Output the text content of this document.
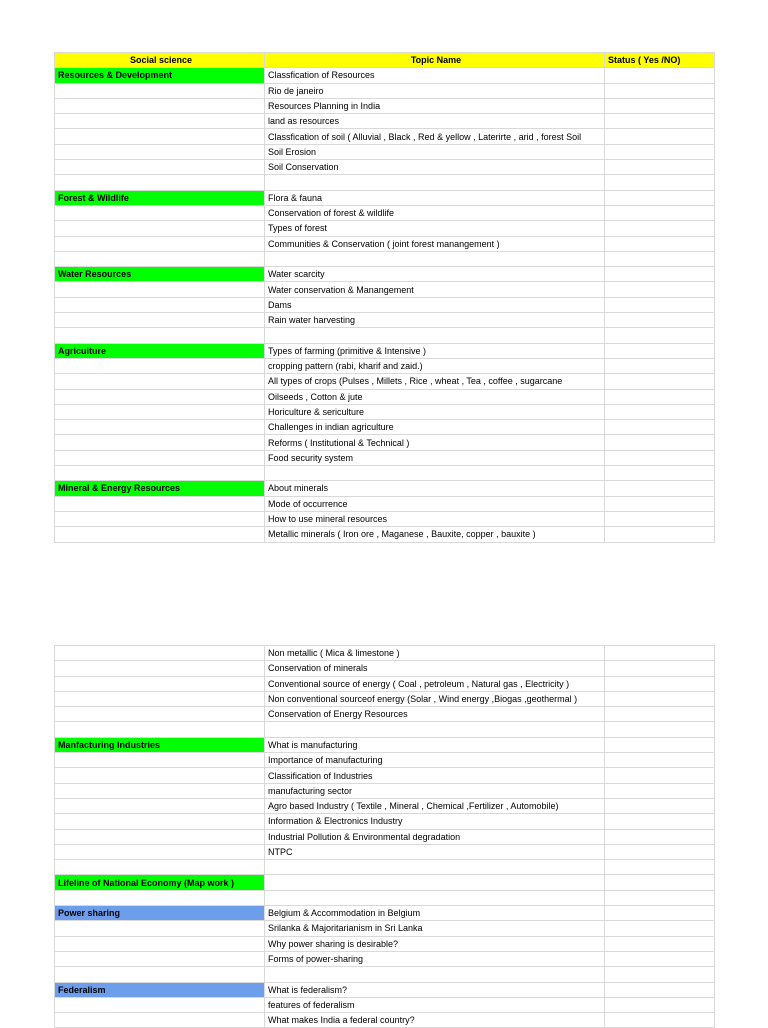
Social science	Topic Name	Status ( Yes /NO)
Resources & Development	Classfication of Resources	
	Rio de janeiro	
	Resources Planning in India	
	land as resources	
	Classfication of soil ( Alluvial , Black , Red & yellow , Laterirte , arid , forest Soil	
	Soil Erosion	
	Soil Conservation	

Forest & Wildlife	Flora & fauna	
	Conservation of forest & wildlife	
	Types of forest	
	Communities & Conservation ( joint forest manangement )	

Water Resources	Water scarcity	
	Water conservation & Manangement	
	Dams	
	Rain water harvesting	

Agricuiture	Types of farming (primitive & Intensive )	
	cropping pattern (rabi, kharif and zaid.)	
	All types of crops (Pulses , Millets , Rice , wheat , Tea , coffee , sugarcane	
	Oilseeds , Cotton & jute	
	Horiculture & sericulture	
	Challenges in indian agriculture	
	Reforms ( Institutional & Technical )	
	Food security system	

Mineral & Energy Resources	About minerals	
	Mode of occurrence	
	How to use mineral resources	
	Metallic minerals ( Iron ore , Maganese , Bauxite, copper , bauxite )	
	Non metallic ( Mica & limestone )	
	Conservation of minerals	
	Conventional source of energy ( Coal , petroleum , Natural gas , Electricity )	
	Non conventional sourceof energy (Solar , Wind energy ,Biogas ,geothermal )	
	Conservation of Energy Resources	

Manfacturing Industries	What is manufacturing	
	Importance of manufacturing	
	Classification of Industries	
	manufacturing sector	
	Agro based Industry ( Textile , Mineral , Chemical ,Fertilizer , Automobile)	
	Information & Electronics Industry	
	Industrial Pollution & Environmental degradation	
	NTPC	

Lifeline of National Economy (Map work )		

Power sharing	Belgium & Accommodation in Belgium	
	Srilanka & Majoritarianism in Sri Lanka	
	Why power sharing is desirable?	
	Forms of power-sharing	

Federalism	What is federalism?	
	features of federalism	
	What makes India a federal country?	
